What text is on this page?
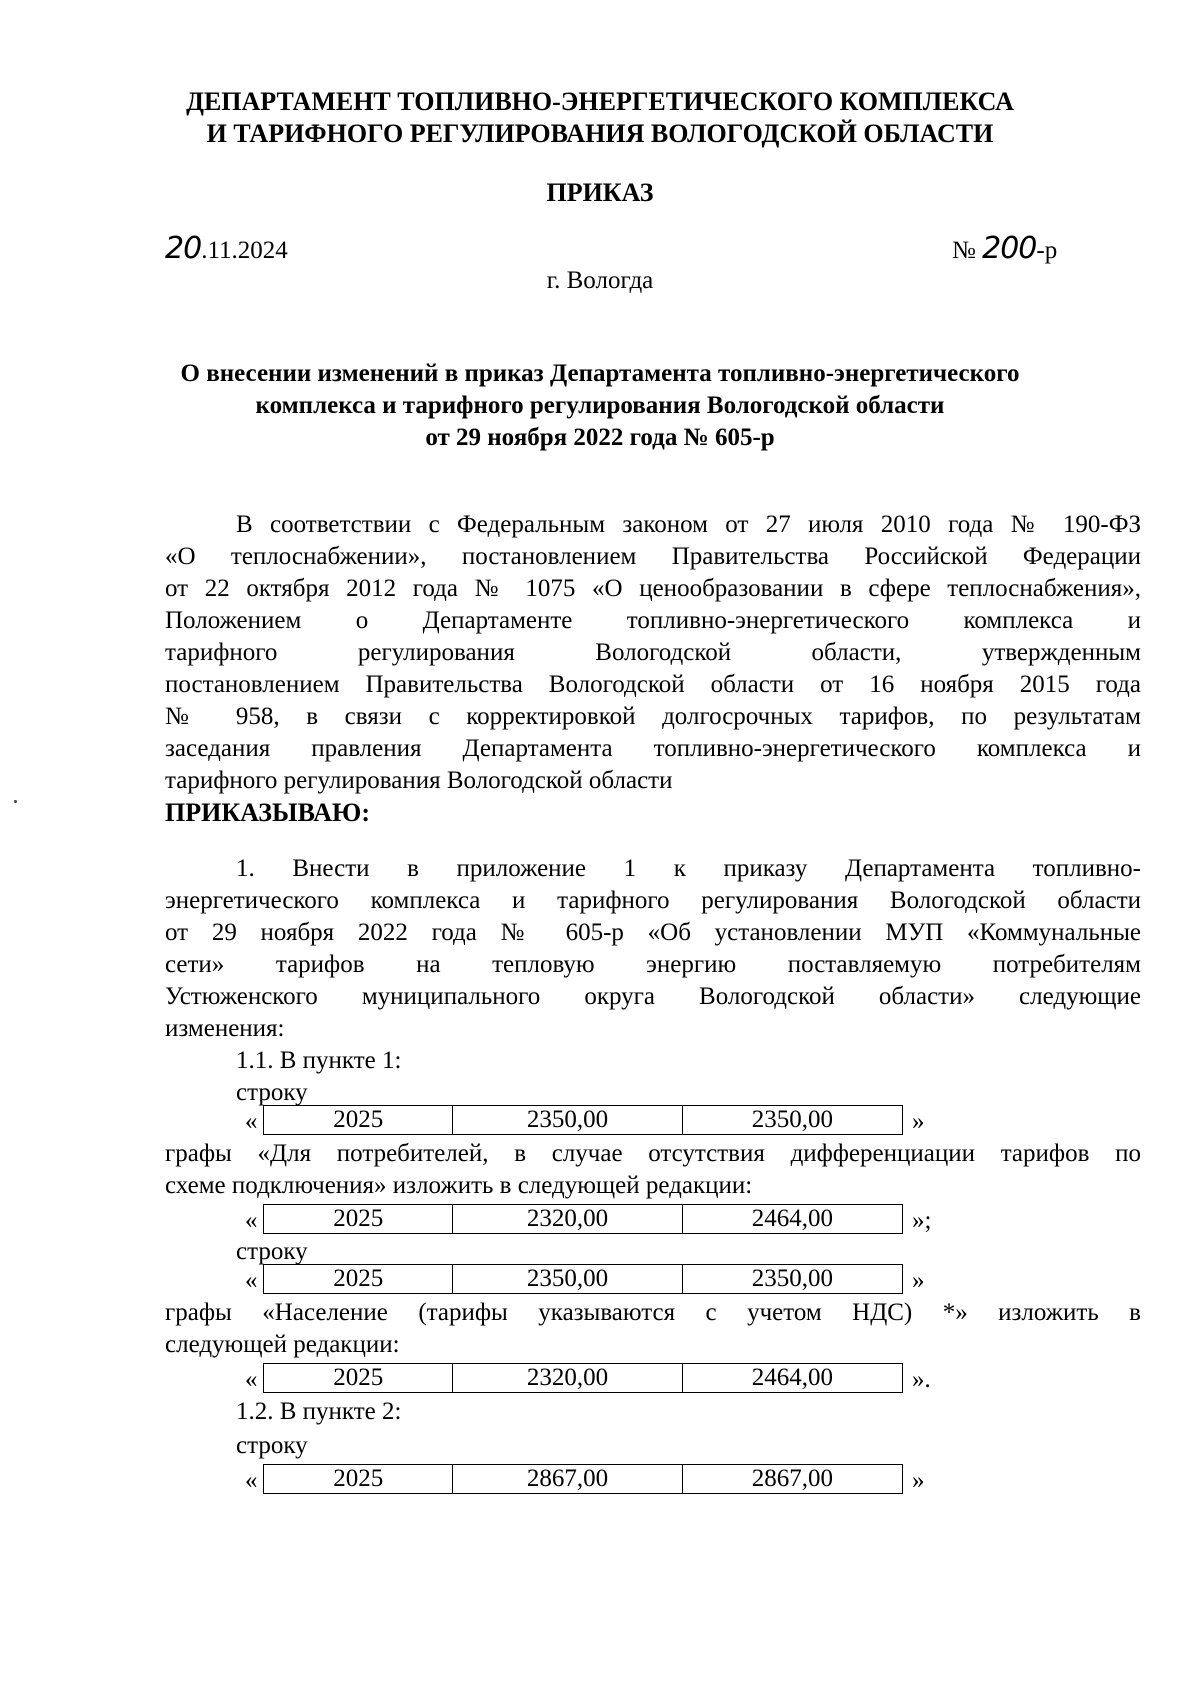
ДЕПАРТАМЕНТ ТОПЛИВНО-ЭНЕРГЕТИЧЕСКОГО КОМПЛЕКСА
И ТАРИФНОГО РЕГУЛИРОВАНИЯ ВОЛОГОДСКОЙ ОБЛАСТИ
ПРИКАЗ
20.11.2024	№ 200-р
г. Вологда
О внесении изменений в приказ Департамента топливно-энергетического
комплекса и тарифного регулирования Вологодской области
от 29 ноября 2022 года № 605-р
В соответствии с Федеральным законом от 27 июля 2010 года № 190-ФЗ
«О теплоснабжении», постановлением Правительства Российской Федерации
от 22 октября 2012 года № 1075 «О ценообразовании в сфере теплоснабжения»,
Положением о Департаменте топливно-энергетического комплекса и
тарифного регулирования Вологодской области, утвержденным
постановлением Правительства Вологодской области от 16 ноября 2015 года
№ 958, в связи с корректировкой долгосрочных тарифов, по результатам
заседания правления Департамента топливно-энергетического комплекса и
тарифного регулирования Вологодской области
ПРИКАЗЫВАЮ:
1. Внести в приложение 1 к приказу Департамента топливно-
энергетического комплекса и тарифного регулирования Вологодской области
от 29 ноября 2022 года № 605-р «Об установлении МУП «Коммунальные
сети» тарифов на тепловую энергию поставляемую потребителям
Устюженского муниципального округа Вологодской области» следующие
изменения:
1.1. В пункте 1:
строку
«	2025	2350,00	2350,00	»
графы «Для потребителей, в случае отсутствия дифференциации тарифов по
схеме подключения» изложить в следующей редакции:
«	2025	2320,00	2464,00	»;
строку
«	2025	2350,00	2350,00	»
графы «Население (тарифы указываются с учетом НДС) *» изложить в
следующей редакции:
«	2025	2320,00	2464,00	».
1.2. В пункте 2:
строку
«	2025	2867,00	2867,00	»
